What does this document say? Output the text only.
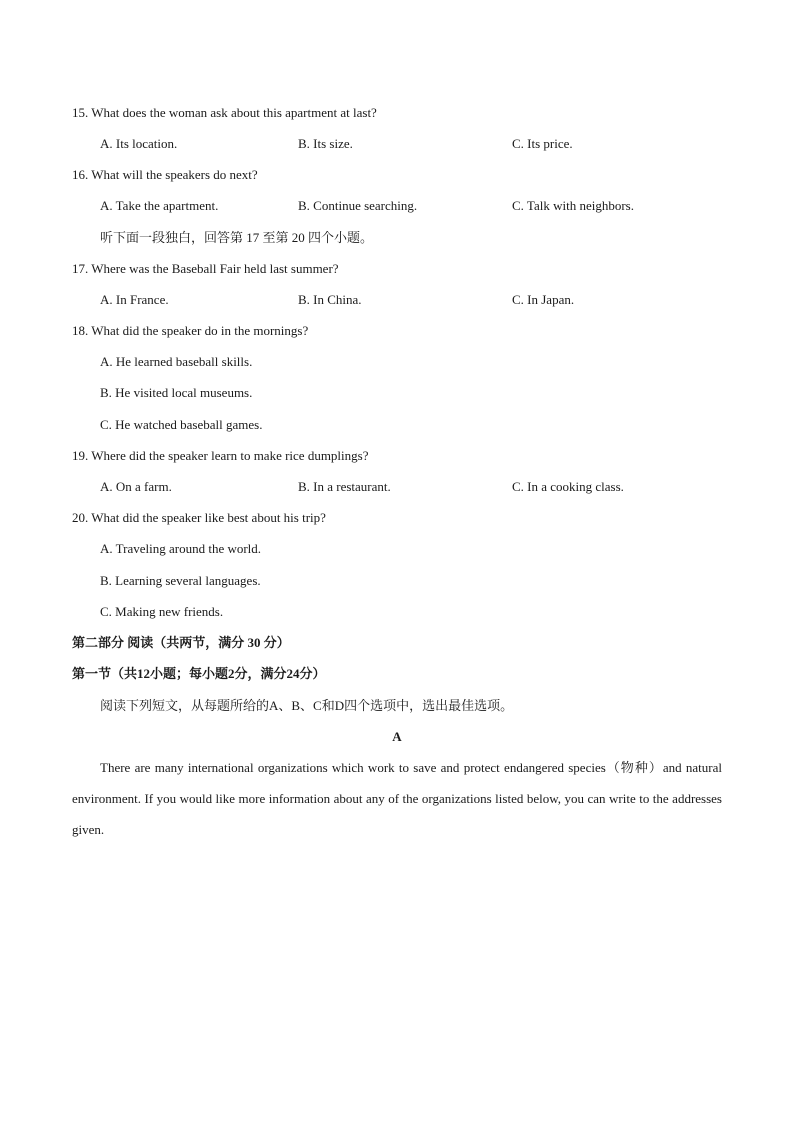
15. What does the woman ask about this apartment at last?
A. Its location.	B. Its size.	C. Its price.
16. What will the speakers do next?
A. Take the apartment.	B. Continue searching.	C. Talk with neighbors.
听下面一段独白，回答第 17 至第 20 四个小题。
17. Where was the Baseball Fair held last summer?
A. In France.	B. In China.	C. In Japan.
18. What did the speaker do in the mornings?
A. He learned baseball skills.
B. He visited local museums.
C. He watched baseball games.
19. Where did the speaker learn to make rice dumplings?
A. On a farm.	B. In a restaurant.	C. In a cooking class.
20. What did the speaker like best about his trip?
A. Traveling around the world.
B. Learning several languages.
C. Making new friends.
第二部分 阅读（共两节，满分 30 分）
第一节（共12小题；每小题2分，满分24分）
阅读下列短文，从每题所给的A、B、C和D四个选项中，选出最佳选项。
A
There are many international organizations which work to save and protect endangered species（物种）and natural environment. If you would like more information about any of the organizations listed below, you can write to the addresses given.
